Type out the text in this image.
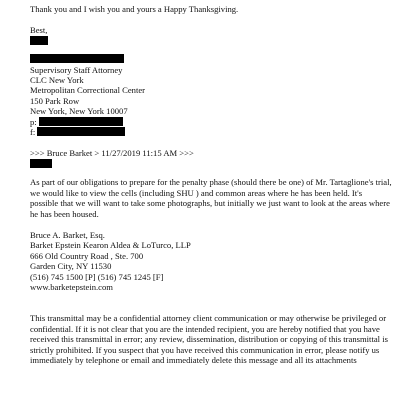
Thank you and I wish you and yours a Happy Thanksgiving.
Best,
Supervisory Staff Attorney
CLC New York
Metropolitan Correctional Center
150 Park Row
New York, New York 10007
p:
f:
>>> Bruce Barket > 11/27/2019 11:15 AM >>>
As part of our obligations to prepare for the penalty phase (should there be one) of Mr. Tartaglione's trial, we would like to view the cells (including SHU ) and common areas where he has been held. It's possible that we will want to take some photographs, but initially we just want to look at the areas where he has been housed.
Bruce A. Barket, Esq.
Barket Epstein Kearon Aldea & LoTurco, LLP
666 Old Country Road , Ste. 700
Garden City, NY 11530
(516) 745 1500 [P] (516) 745 1245 [F]
www.barketepstein.com
This transmittal may be a confidential attorney client communication or may otherwise be privileged or confidential. If it is not clear that you are the intended recipient, you are hereby notified that you have received this transmittal in error; any review, dissemination, distribution or copying of this transmittal is strictly prohibited. If you suspect that you have received this communication in error, please notify us immediately by telephone or email and immediately delete this message and all its attachments
